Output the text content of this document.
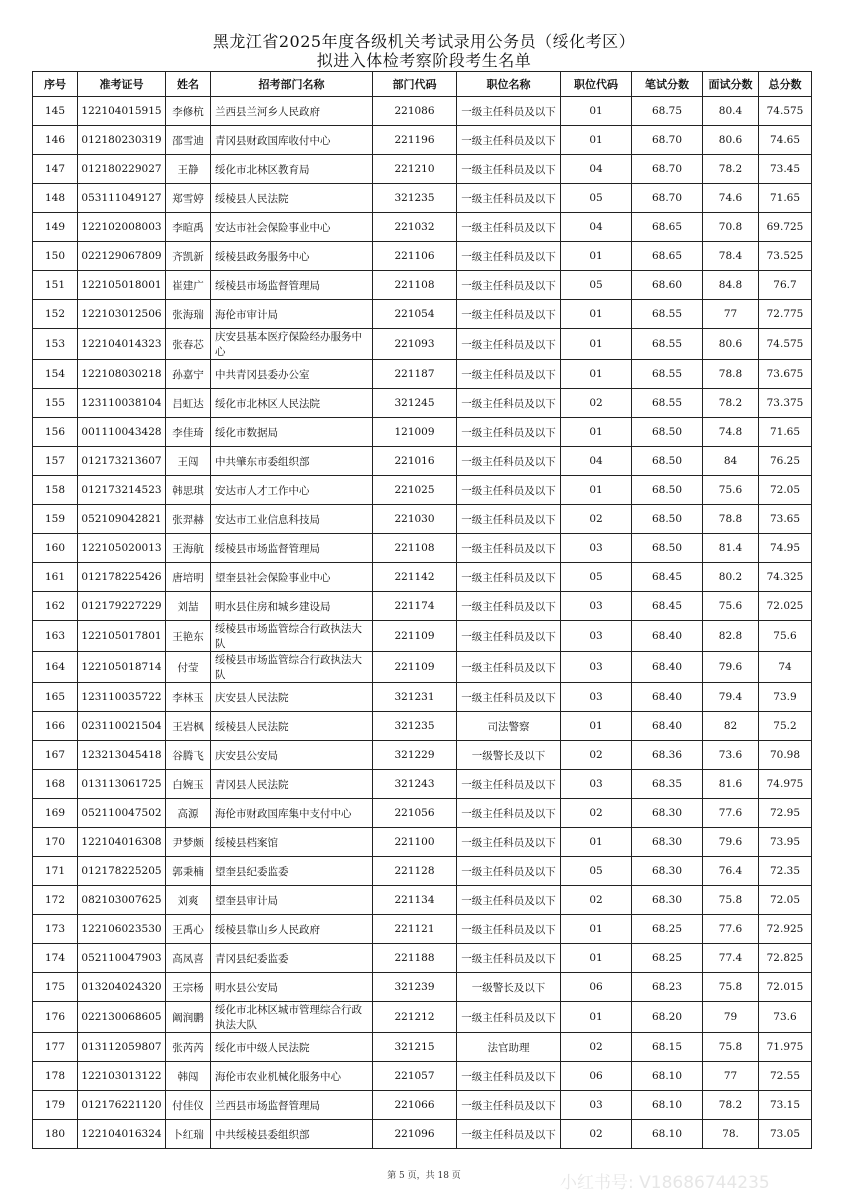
黑龙江省2025年度各级机关考试录用公务员（绥化考区）
拟进入体检考察阶段考生名单
序号	准考证号	姓名	招考部门名称	部门代码	职位名称	职位代码	笔试分数	面试分数	总分数
145	122104015915	李修杭	兰西县兰河乡人民政府	221086	一级主任科员及以下	01	68.75	80.4	74.575
146	012180230319	邵雪迪	青冈县财政国库收付中心	221196	一级主任科员及以下	01	68.70	80.6	74.65
147	012180229027	王静	绥化市北林区教育局	221210	一级主任科员及以下	04	68.70	78.2	73.45
148	053111049127	郑雪婷	绥棱县人民法院	321235	一级主任科员及以下	05	68.70	74.6	71.65
149	122102008003	李暄禹	安达市社会保险事业中心	221032	一级主任科员及以下	04	68.65	70.8	69.725
150	022129067809	齐凯新	绥棱县政务服务中心	221106	一级主任科员及以下	01	68.65	78.4	73.525
151	122105018001	崔建广	绥棱县市场监督管理局	221108	一级主任科员及以下	05	68.60	84.8	76.7
152	122103012506	张海瑞	海伦市审计局	221054	一级主任科员及以下	01	68.55	77	72.775
153	122104014323	张春芯	庆安县基本医疗保险经办服务中心	221093	一级主任科员及以下	01	68.55	80.6	74.575
154	122108030218	孙嘉宁	中共青冈县委办公室	221187	一级主任科员及以下	01	68.55	78.8	73.675
155	123110038104	吕虹达	绥化市北林区人民法院	321245	一级主任科员及以下	02	68.55	78.2	73.375
156	001110043428	李佳琦	绥化市数据局	121009	一级主任科员及以下	01	68.50	74.8	71.65
157	012173213607	王闯	中共肇东市委组织部	221016	一级主任科员及以下	04	68.50	84	76.25
158	012173214523	韩思琪	安达市人才工作中心	221025	一级主任科员及以下	01	68.50	75.6	72.05
159	052109042821	张羿赫	安达市工业信息科技局	221030	一级主任科员及以下	02	68.50	78.8	73.65
160	122105020013	王海航	绥棱县市场监督管理局	221108	一级主任科员及以下	03	68.50	81.4	74.95
161	012178225426	唐培明	望奎县社会保险事业中心	221142	一级主任科员及以下	05	68.45	80.2	74.325
162	012179227229	刘喆	明水县住房和城乡建设局	221174	一级主任科员及以下	03	68.45	75.6	72.025
163	122105017801	王艳东	绥棱县市场监管综合行政执法大队	221109	一级主任科员及以下	03	68.40	82.8	75.6
164	122105018714	付莹	绥棱县市场监管综合行政执法大队	221109	一级主任科员及以下	03	68.40	79.6	74
165	123110035722	李林玉	庆安县人民法院	321231	一级主任科员及以下	03	68.40	79.4	73.9
166	023110021504	王岩枫	绥棱县人民法院	321235	司法警察	01	68.40	82	75.2
167	123213045418	谷腾飞	庆安县公安局	321229	一级警长及以下	02	68.36	73.6	70.98
168	013113061725	白婉玉	青冈县人民法院	321243	一级主任科员及以下	03	68.35	81.6	74.975
169	052110047502	高源	海伦市财政国库集中支付中心	221056	一级主任科员及以下	02	68.30	77.6	72.95
170	122104016308	尹梦颇	绥棱县档案馆	221100	一级主任科员及以下	01	68.30	79.6	73.95
171	012178225205	郭秉楠	望奎县纪委监委	221128	一级主任科员及以下	05	68.30	76.4	72.35
172	082103007625	刘爽	望奎县审计局	221134	一级主任科员及以下	02	68.30	75.8	72.05
173	122106023530	王禹心	绥棱县靠山乡人民政府	221121	一级主任科员及以下	01	68.25	77.6	72.925
174	052110047903	高凤喜	青冈县纪委监委	221188	一级主任科员及以下	01	68.25	77.4	72.825
175	013204024320	王宗杨	明水县公安局	321239	一级警长及以下	06	68.23	75.8	72.015
176	022130068605	阚润鹏	绥化市北林区城市管理综合行政执法大队	221212	一级主任科员及以下	01	68.20	79	73.6
177	013112059807	张芮芮	绥化市中级人民法院	321215	法官助理	02	68.15	75.8	71.975
178	122103013122	韩闯	海伦市农业机械化服务中心	221057	一级主任科员及以下	06	68.10	77	72.55
179	012176221120	付佳仪	兰西县市场监督管理局	221066	一级主任科员及以下	03	68.10	78.2	73.15
180	122104016324	卜红瑞	中共绥棱县委组织部	221096	一级主任科员及以下	02	68.10	78.	73.05
第 5 页，共 18 页	小红书号: V18686744235
